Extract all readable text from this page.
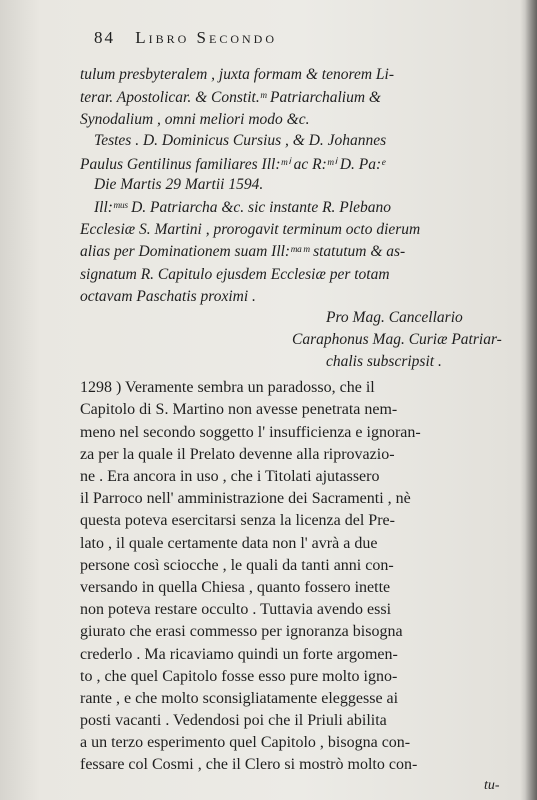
84 Libro Secondo
tulum presbyteralem , juxta formam & tenorem Li-
terar. Apostolicar. & Constit.ᵐ Patriarchalium &
Synodalium , omni meliori modo &c.
Testes . D. Dominicus Cursius , & D. Johannes
Paulus Gentilinus familiares Ill:ᵐⁱ ac R:ᵐⁱ D. Pa:ᵉ
Die Martis 29 Martii 1594.
Ill:ᵐᵘˢ D. Patriarcha &c. sic instante R. Plebano
Ecclesiæ S. Martini , prorogavit terminum octo dierum
alias per Dominationem suam Ill:ᵐᵃᵐ statutum & as-
signatum R. Capitulo ejusdem Ecclesiæ per totam
octavam Paschatis proximi .
Pro Mag. Cancellario
Caraphonus Mag. Curiæ Patriar-
chalis subscripsit .
1298 ) Veramente sembra un paradosso, che il
Capitolo di S. Martino non avesse penetrata nem-
meno nel secondo soggetto l' insufficienza e ignoran-
za per la quale il Prelato devenne alla riprovazio-
ne . Era ancora in uso , che i Titolati ajutassero
il Parroco nell' amministrazione dei Sacramenti , nè
questa poteva esercitarsi senza la licenza del Pre-
lato , il quale certamente data non l' avrà a due
persone così sciocche , le quali da tanti anni con-
versando in quella Chiesa , quanto fossero inette
non poteva restare occulto . Tuttavia avendo essi
giurato che erasi commesso per ignoranza bisogna
crederlo . Ma ricaviamo quindi un forte argomen-
to , che quel Capitolo fosse esso pure molto igno-
rante , e che molto sconsigliatamente eleggesse ai
posti vacanti . Vedendosi poi che il Priuli abilita
a un terzo esperimento quel Capitolo , bisogna con-
fessare col Cosmi , che il Clero si mostrò molto con-
tu-
